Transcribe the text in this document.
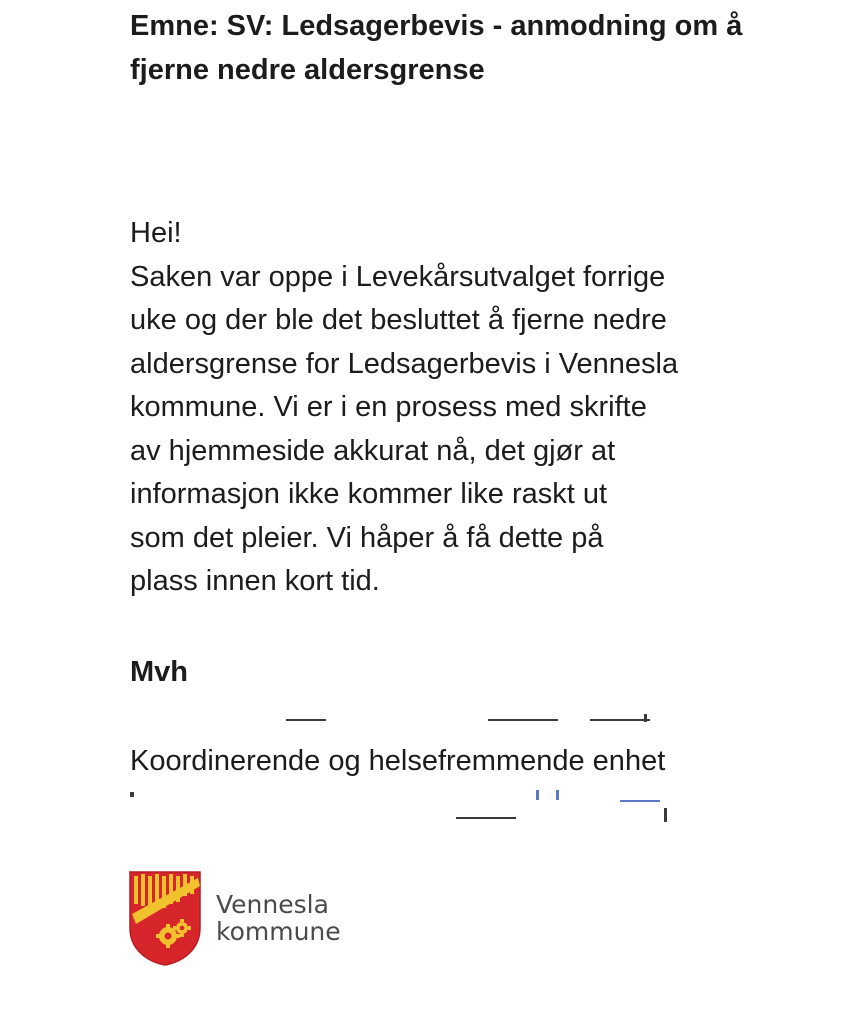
Emne: SV: Ledsagerbevis - anmodning om å fjerne nedre aldersgrense

Hei!

Saken var oppe i Levekårsutvalget forrige

uke og der ble det besluttet å fjerne nedre

aldersgrense for Ledsagerbevis i Vennesla

kommune. Vi er i en prosess med skrifte

av hjemmeside akkurat nå, det gjør at

informasjon ikke kommer like raskt ut

som det pleier. Vi håper å få dette på

plass innen kort tid.

Mvh
Koordinerende og helsefremmende enhet
Vennesla
kommune
